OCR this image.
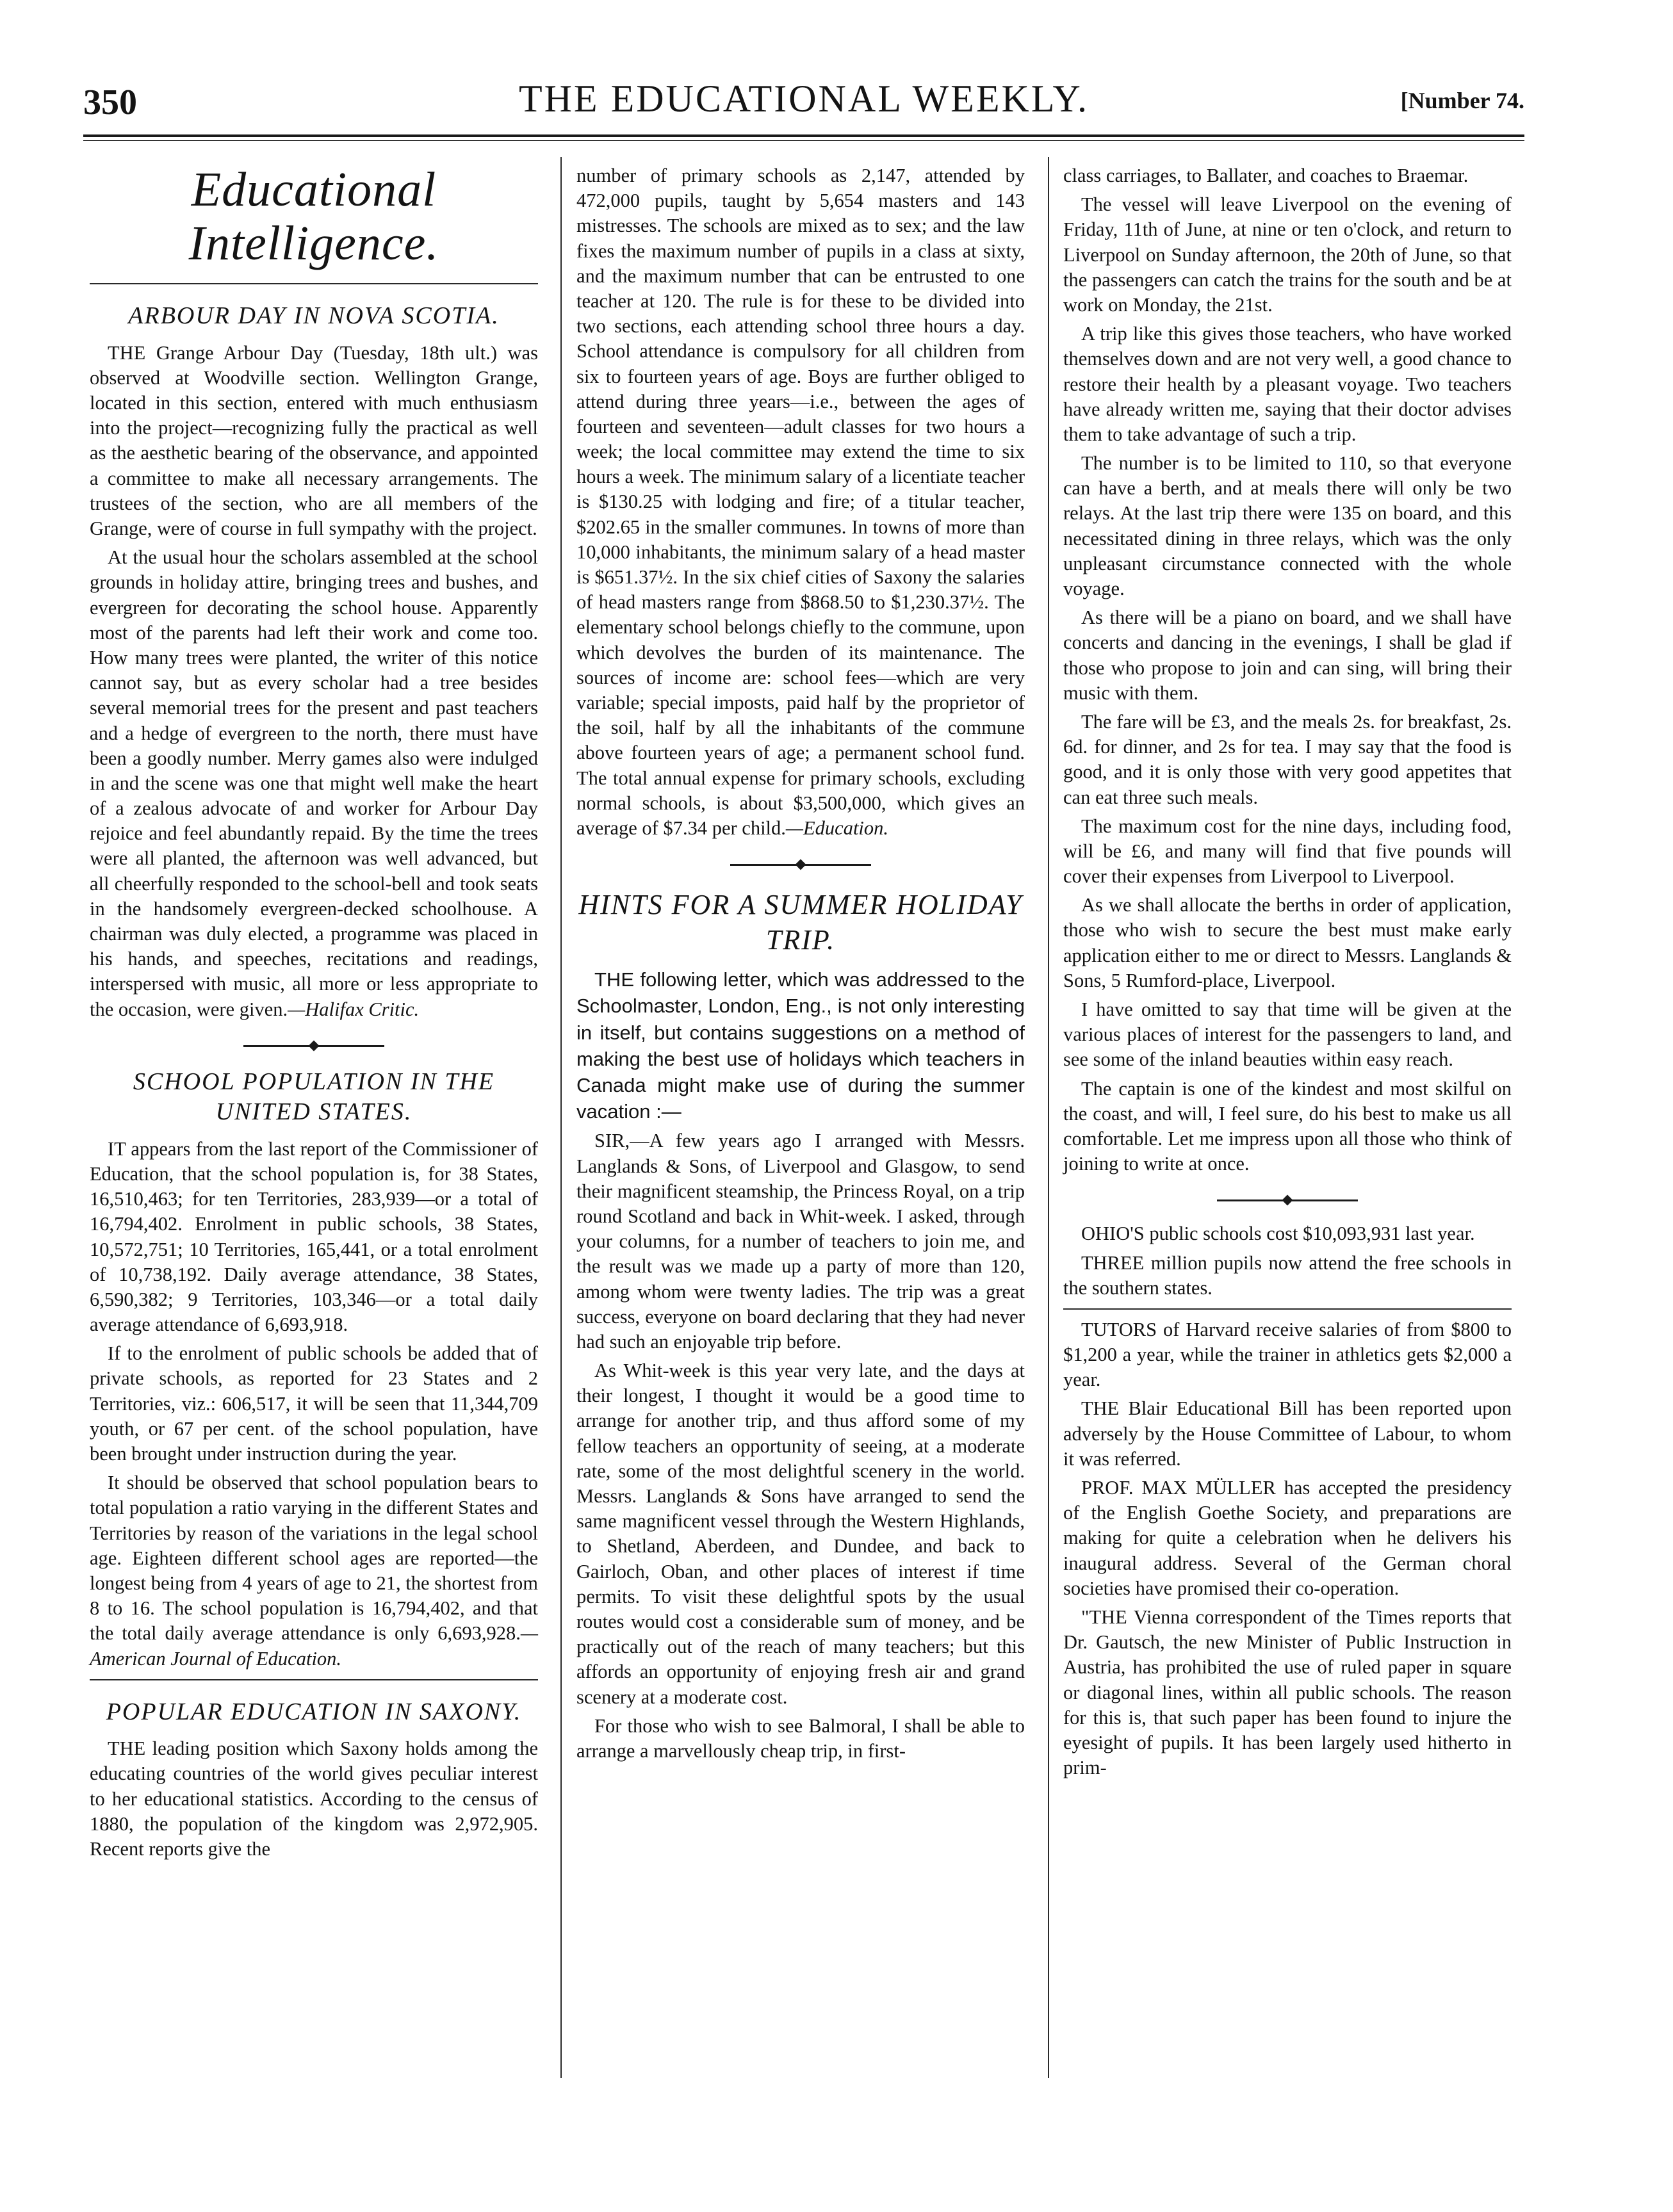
350	THE EDUCATIONAL WEEKLY.	[Number 74.
Educational Intelligence.
ARBOUR DAY IN NOVA SCOTIA.

THE Grange Arbour Day (Tuesday, 18th ult.) was observed at Woodville section. Wellington Grange, located in this section, entered with much enthusiasm into the project—recognizing fully the practical as well as the aesthetic bearing of the observance, and appointed a committee to make all necessary arrangements. The trustees of the section, who are all members of the Grange, were of course in full sympathy with the project.

At the usual hour the scholars assembled at the school grounds in holiday attire, bringing trees and bushes, and evergreen for decorating the school house. Apparently most of the parents had left their work and come too. How many trees were planted, the writer of this notice cannot say, but as every scholar had a tree besides several memorial trees for the present and past teachers and a hedge of evergreen to the north, there must have been a goodly number. Merry games also were indulged in and the scene was one that might well make the heart of a zealous advocate of and worker for Arbour Day rejoice and feel abundantly repaid. By the time the trees were all planted, the afternoon was well advanced, but all cheerfully responded to the school-bell and took seats in the handsomely evergreen-decked schoolhouse. A chairman was duly elected, a programme was placed in his hands, and speeches, recitations and readings, interspersed with music, all more or less appropriate to the occasion, were given.—Halifax Critic.

SCHOOL POPULATION IN THE UNITED STATES.

IT appears from the last report of the Commissioner of Education, that the school population is, for 38 States, 16,510,463; for ten Territories, 283,939—or a total of 16,794,402. Enrolment in public schools, 38 States, 10,572,751; 10 Territories, 165,441, or a total enrolment of 10,738,192. Daily average attendance, 38 States, 6,590,382; 9 Territories, 103,346—or a total daily average attendance of 6,693,918.

If to the enrolment of public schools be added that of private schools, as reported for 23 States and 2 Territories, viz.: 606,517, it will be seen that 11,344,709 youth, or 67 per cent. of the school population, have been brought under instruction during the year.

It should be observed that school population bears to total population a ratio varying in the different States and Territories by reason of the variations in the legal school age. Eighteen different school ages are reported—the longest being from 4 years of age to 21, the shortest from 8 to 16. The school population is 16,794,402, and that the total daily average attendance is only 6,693,928.—American Journal of Education.

POPULAR EDUCATION IN SAXONY.

THE leading position which Saxony holds among the educating countries of the world gives peculiar interest to her educational statistics. According to the census of 1880, the population of the kingdom was 2,972,905. Recent reports give the

number of primary schools as 2,147, attended by 472,000 pupils, taught by 5,654 masters and 143 mistresses. The schools are mixed as to sex; and the law fixes the maximum number of pupils in a class at sixty, and the maximum number that can be entrusted to one teacher at 120. The rule is for these to be divided into two sections, each attending school three hours a day. School attendance is compulsory for all children from six to fourteen years of age. Boys are further obliged to attend during three years—i.e., between the ages of fourteen and seventeen—adult classes for two hours a week; the local committee may extend the time to six hours a week. The minimum salary of a licentiate teacher is $130.25 with lodging and fire; of a titular teacher, $202.65 in the smaller communes. In towns of more than 10,000 inhabitants, the minimum salary of a head master is $651.37½. In the six chief cities of Saxony the salaries of head masters range from $868.50 to $1,230.37½. The elementary school belongs chiefly to the commune, upon which devolves the burden of its maintenance. The sources of income are: school fees—which are very variable; special imposts, paid half by the proprietor of the soil, half by all the inhabitants of the commune above fourteen years of age; a permanent school fund. The total annual expense for primary schools, excluding normal schools, is about $3,500,000, which gives an average of $7.34 per child.—Education.

HINTS FOR A SUMMER HOLIDAY TRIP.

THE following letter, which was addressed to the Schoolmaster, London, Eng., is not only interesting in itself, but contains suggestions on a method of making the best use of holidays which teachers in Canada might make use of during the summer vacation :—

SIR,—A few years ago I arranged with Messrs. Langlands & Sons, of Liverpool and Glasgow, to send their magnificent steamship, the Princess Royal, on a trip round Scotland and back in Whit-week. I asked, through your columns, for a number of teachers to join me, and the result was we made up a party of more than 120, among whom were twenty ladies. The trip was a great success, everyone on board declaring that they had never had such an enjoyable trip before.

As Whit-week is this year very late, and the days at their longest, I thought it would be a good time to arrange for another trip, and thus afford some of my fellow teachers an opportunity of seeing, at a moderate rate, some of the most delightful scenery in the world. Messrs. Langlands & Sons have arranged to send the same magnificent vessel through the Western Highlands, to Shetland, Aberdeen, and Dundee, and back to Gairloch, Oban, and other places of interest if time permits. To visit these delightful spots by the usual routes would cost a considerable sum of money, and be practically out of the reach of many teachers; but this affords an opportunity of enjoying fresh air and grand scenery at a moderate cost.

For those who wish to see Balmoral, I shall be able to arrange a marvellously cheap trip, in first-

class carriages, to Ballater, and coaches to Braemar.

The vessel will leave Liverpool on the evening of Friday, 11th of June, at nine or ten o'clock, and return to Liverpool on Sunday afternoon, the 20th of June, so that the passengers can catch the trains for the south and be at work on Monday, the 21st.

A trip like this gives those teachers, who have worked themselves down and are not very well, a good chance to restore their health by a pleasant voyage. Two teachers have already written me, saying that their doctor advises them to take advantage of such a trip.

The number is to be limited to 110, so that everyone can have a berth, and at meals there will only be two relays. At the last trip there were 135 on board, and this necessitated dining in three relays, which was the only unpleasant circumstance connected with the whole voyage.

As there will be a piano on board, and we shall have concerts and dancing in the evenings, I shall be glad if those who propose to join and can sing, will bring their music with them.

The fare will be £3, and the meals 2s. for breakfast, 2s. 6d. for dinner, and 2s for tea. I may say that the food is good, and it is only those with very good appetites that can eat three such meals.

The maximum cost for the nine days, including food, will be £6, and many will find that five pounds will cover their expenses from Liverpool to Liverpool.

As we shall allocate the berths in order of application, those who wish to secure the best must make early application either to me or direct to Messrs. Langlands & Sons, 5 Rumford-place, Liverpool.

I have omitted to say that time will be given at the various places of interest for the passengers to land, and see some of the inland beauties within easy reach.

The captain is one of the kindest and most skilful on the coast, and will, I feel sure, do his best to make us all comfortable. Let me impress upon all those who think of joining to write at once.

OHIO'S public schools cost $10,093,931 last year.

THREE million pupils now attend the free schools in the southern states.

TUTORS of Harvard receive salaries of from $800 to $1,200 a year, while the trainer in athletics gets $2,000 a year.

THE Blair Educational Bill has been reported upon adversely by the House Committee of Labour, to whom it was referred.

PROF. MAX MÜLLER has accepted the presidency of the English Goethe Society, and preparations are making for quite a celebration when he delivers his inaugural address. Several of the German choral societies have promised their co-operation.

"THE Vienna correspondent of the Times reports that Dr. Gautsch, the new Minister of Public Instruction in Austria, has prohibited the use of ruled paper in square or diagonal lines, within all public schools. The reason for this is, that such paper has been found to injure the eyesight of pupils. It has been largely used hitherto in prim-
